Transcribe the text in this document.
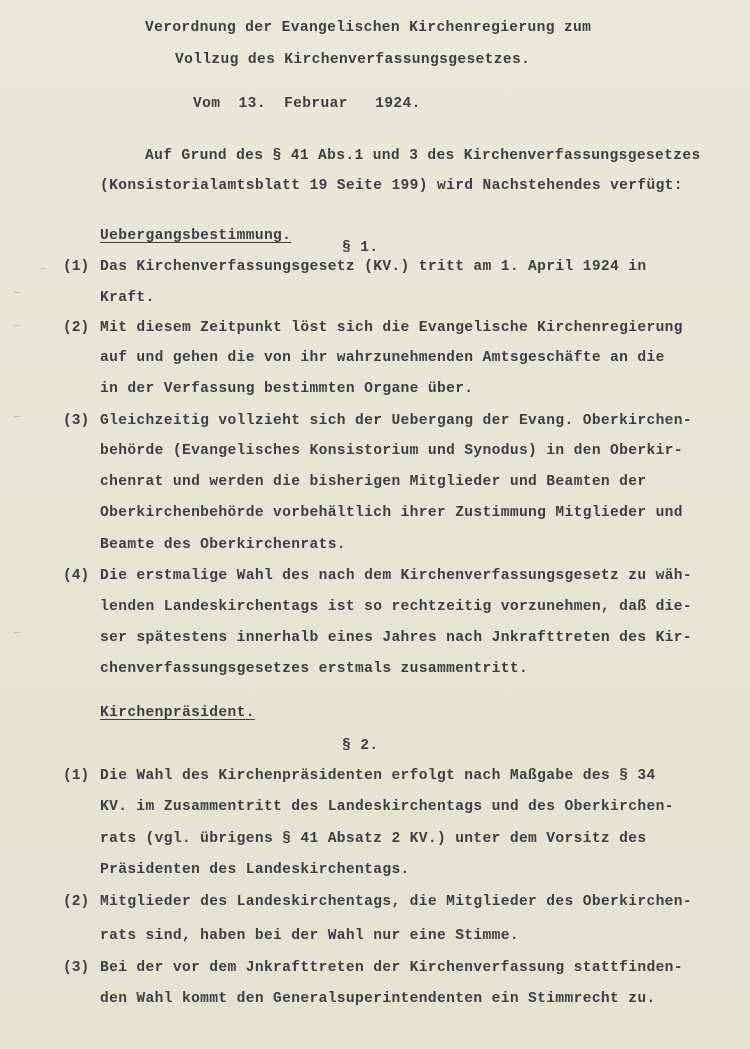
Verordnung der Evangelischen Kirchenregierung zum
Vollzug des Kirchenverfassungsgesetzes.
Vom  13.  Februar   1924.
Auf Grund des § 41 Abs.1 und 3 des Kirchenverfassungsgesetzes
(Konsistorialamtsblatt 19 Seite 199) wird Nachstehendes verfügt:
Uebergangsbestimmung.
§ 1.
(1) Das Kirchenverfassungsgesetz (KV.) tritt am 1. April 1924 in
Kraft.
(2) Mit diesem Zeitpunkt löst sich die Evangelische Kirchenregierung
auf und gehen die von ihr wahrzunehmenden Amtsgeschäfte an die
in der Verfassung bestimmten Organe über.
(3) Gleichzeitig vollzieht sich der Uebergang der Evang. Oberkirchen-
behörde (Evangelisches Konsistorium und Synodus) in den Oberkir-
chenrat und werden die bisherigen Mitglieder und Beamten der
Oberkirchenbehörde vorbehältlich ihrer Zustimmung Mitglieder und
Beamte des Oberkirchenrats.
(4) Die erstmalige Wahl des nach dem Kirchenverfassungsgesetz zu wäh-
lenden Landeskirchentags ist so rechtzeitig vorzunehmen, daß die-
ser spätestens innerhalb eines Jahres nach Jnkrafttreten des Kir-
chenverfassungsgesetzes erstmals zusammentritt.
Kirchenpräsident.
§ 2.
(1) Die Wahl des Kirchenpräsidenten erfolgt nach Maßgabe des § 34
KV. im Zusammentritt des Landeskirchentags und des Oberkirchen-
rats (vgl. übrigens § 41 Absatz 2 KV.) unter dem Vorsitz des
Präsidenten des Landeskirchentags.
(2) Mitglieder des Landeskirchentags, die Mitglieder des Oberkirchen-
rats sind, haben bei der Wahl nur eine Stimme.
(3) Bei der vor dem Jnkrafttreten der Kirchenverfassung stattfinden-
den Wahl kommt den Generalsuperintendenten ein Stimmrecht zu.
